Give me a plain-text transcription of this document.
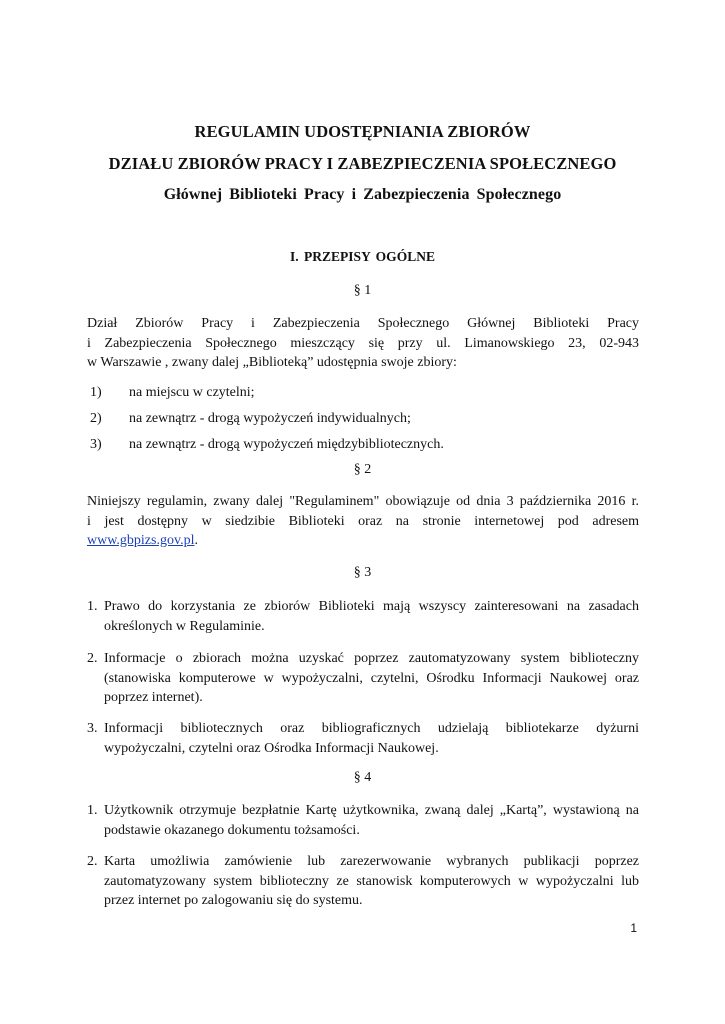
REGULAMIN UDOSTĘPNIANIA ZBIORÓW
DZIAŁU ZBIORÓW PRACY I ZABEZPIECZENIA SPOŁECZNEGO
Głównej Biblioteki Pracy i Zabezpieczenia Społecznego
I. PRZEPISY OGÓLNE
§ 1
Dział Zbiorów Pracy i Zabezpieczenia Społecznego Głównej Biblioteki Pracy
i Zabezpieczenia Społecznego mieszczący się przy ul. Limanowskiego 23, 02-943
w Warszawie , zwany dalej „Biblioteką” udostępnia swoje zbiory:
1) na miejscu w czytelni;
2) na zewnątrz - drogą wypożyczeń indywidualnych;
3) na zewnątrz - drogą wypożyczeń międzybibliotecznych.
§ 2
Niniejszy regulamin, zwany dalej "Regulaminem" obowiązuje od dnia 3 października 2016 r.
i jest dostępny w siedzibie Biblioteki oraz na stronie internetowej pod adresem
www.gbpizs.gov.pl.
§ 3
1. Prawo do korzystania ze zbiorów Biblioteki mają wszyscy zainteresowani na zasadach
określonych w Regulaminie.
2. Informacje o zbiorach można uzyskać poprzez zautomatyzowany system biblioteczny
(stanowiska komputerowe w wypożyczalni, czytelni, Ośrodku Informacji Naukowej oraz
poprzez internet).
3. Informacji bibliotecznych oraz bibliograficznych udzielają bibliotekarze dyżurni
wypożyczalni, czytelni oraz Ośrodka Informacji Naukowej.
§ 4
1. Użytkownik otrzymuje bezpłatnie Kartę użytkownika, zwaną dalej „Kartą”, wystawioną na
podstawie okazanego dokumentu tożsamości.
2. Karta umożliwia zamówienie lub zarezerwowanie wybranych publikacji poprzez
zautomatyzowany system biblioteczny ze stanowisk komputerowych w wypożyczalni lub
przez internet po zalogowaniu się do systemu.
1
